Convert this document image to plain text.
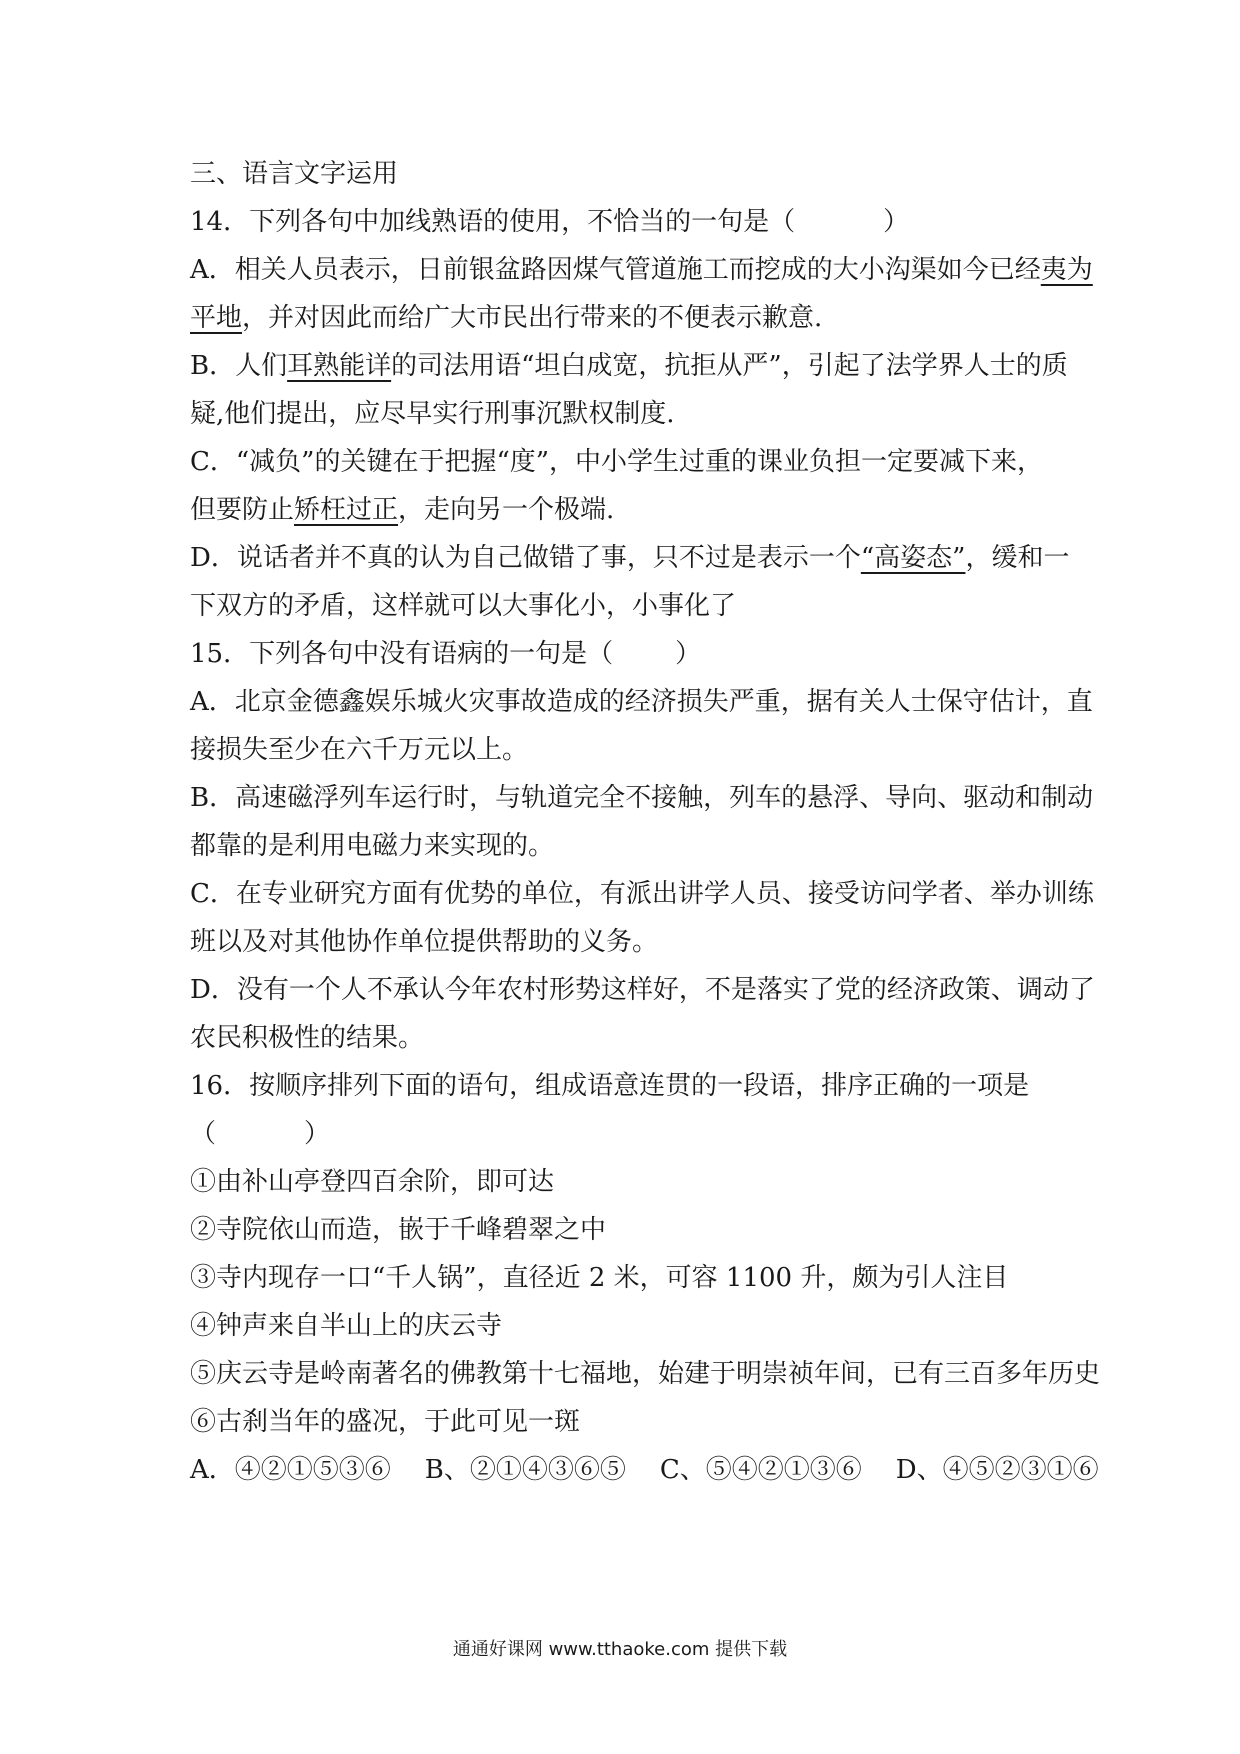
三、语言文字运用
14．下列各句中加线熟语的使用，不恰当的一句是（	）
A．相关人员表示，日前银盆路因煤气管道施工而挖成的大小沟渠如今已经夷为
平地，并对因此而给广大市民出行带来的不便表示歉意.
B．人们耳熟能详的司法用语“坦白成宽，抗拒从严”，引起了法学界人士的质
疑,他们提出，应尽早实行刑事沉默权制度.
C．“减负”的关键在于把握“度”，中小学生过重的课业负担一定要减下来，
但要防止矫枉过正，走向另一个极端.
D．说话者并不真的认为自己做错了事，只不过是表示一个“高姿态”，缓和一
下双方的矛盾，这样就可以大事化小，小事化了
15．下列各句中没有语病的一句是（ ）
A．北京金德鑫娱乐城火灾事故造成的经济损失严重，据有关人士保守估计，直
接损失至少在六千万元以上。
B．高速磁浮列车运行时，与轨道完全不接触，列车的悬浮、导向、驱动和制动
都靠的是利用电磁力来实现的。
C．在专业研究方面有优势的单位，有派出讲学人员、接受访问学者、举办训练
班以及对其他协作单位提供帮助的义务。
D．没有一个人不承认今年农村形势这样好，不是落实了党的经济政策、调动了
农民积极性的结果。
16．按顺序排列下面的语句，组成语意连贯的一段语，排序正确的一项是
（	）
①由补山亭登四百余阶，即可达
②寺院依山而造，嵌于千峰碧翠之中
③寺内现存一口“千人锅”，直径近 2 米，可容 1100 升，颇为引人注目
④钟声来自半山上的庆云寺
⑤庆云寺是岭南著名的佛教第十七福地，始建于明崇祯年间，已有三百多年历史
⑥古刹当年的盛况，于此可见一斑
A．④②①⑤③⑥ B、②①④③⑥⑤ C、⑤④②①③⑥ D、④⑤②③①⑥
通通好课网 www.tthaoke.com 提供下载
